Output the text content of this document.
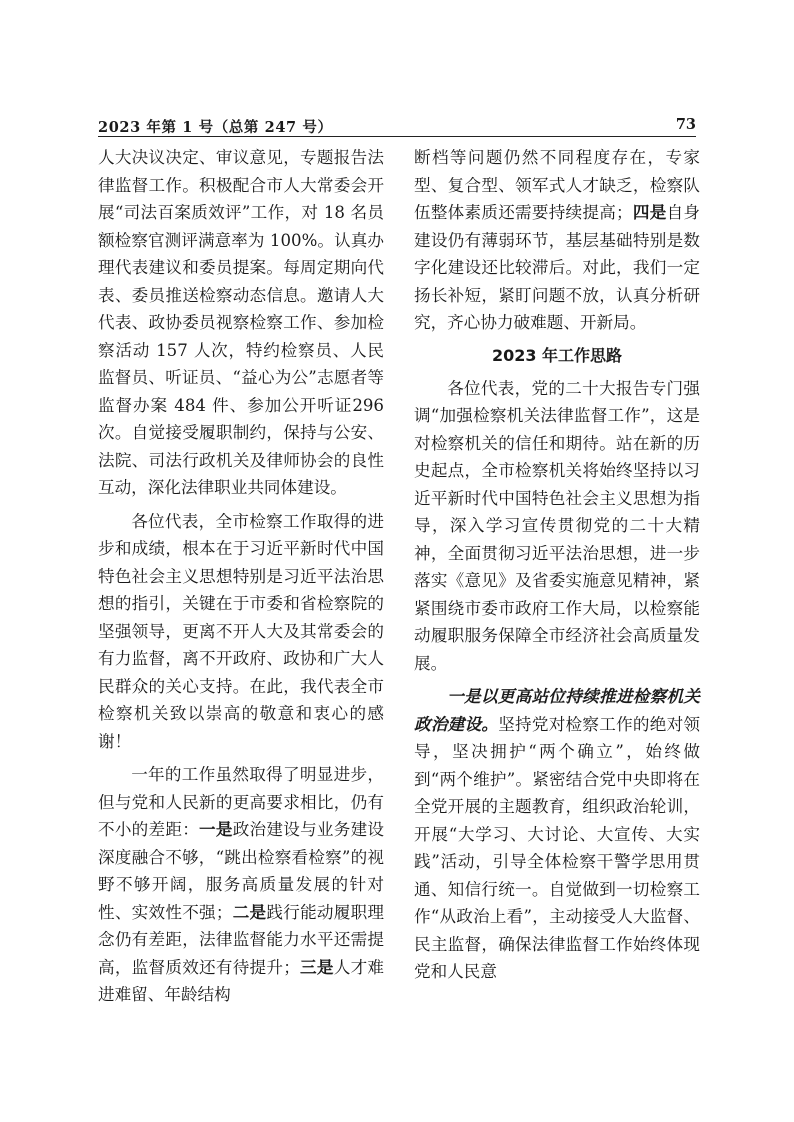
2023 年第 1 号（总第 247 号）	73

人大决议决定、审议意见，专题报告法律监督工作。积极配合市人大常委会开展“司法百案质效评”工作，对 18 名员额检察官测评满意率为 100%。认真办理代表建议和委员提案。每周定期向代表、委员推送检察动态信息。邀请人大代表、政协委员视察检察工作、参加检察活动 157 人次，特约检察员、人民监督员、听证员、“益心为公”志愿者等监督办案 484 件、参加公开听证296次。自觉接受履职制约，保持与公安、法院、司法行政机关及律师协会的良性互动，深化法律职业共同体建设。

各位代表，全市检察工作取得的进步和成绩，根本在于习近平新时代中国特色社会主义思想特别是习近平法治思想的指引，关键在于市委和省检察院的坚强领导，更离不开人大及其常委会的有力监督，离不开政府、政协和广大人民群众的关心支持。在此，我代表全市检察机关致以崇高的敬意和衷心的感谢！

一年的工作虽然取得了明显进步，但与党和人民新的更高要求相比，仍有不小的差距：一是政治建设与业务建设深度融合不够，“跳出检察看检察”的视野不够开阔，服务高质量发展的针对性、实效性不强；二是践行能动履职理念仍有差距，法律监督能力水平还需提高，监督质效还有待提升；三是人才难进难留、年龄结构

断档等问题仍然不同程度存在，专家型、复合型、领军式人才缺乏，检察队伍整体素质还需要持续提高；四是自身建设仍有薄弱环节，基层基础特别是数字化建设还比较滞后。对此，我们一定扬长补短，紧盯问题不放，认真分析研究，齐心协力破难题、开新局。

2023 年工作思路

各位代表，党的二十大报告专门强调“加强检察机关法律监督工作”，这是对检察机关的信任和期待。站在新的历史起点，全市检察机关将始终坚持以习近平新时代中国特色社会主义思想为指导，深入学习宣传贯彻党的二十大精神，全面贯彻习近平法治思想，进一步落实《意见》及省委实施意见精神，紧紧围绕市委市政府工作大局，以检察能动履职服务保障全市经济社会高质量发展。

一是以更高站位持续推进检察机关政治建设。坚持党对检察工作的绝对领导，坚决拥护“两个确立”，始终做到“两个维护”。紧密结合党中央即将在全党开展的主题教育，组织政治轮训，开展“大学习、大讨论、大宣传、大实践”活动，引导全体检察干警学思用贯通、知信行统一。自觉做到一切检察工作“从政治上看”，主动接受人大监督、民主监督，确保法律监督工作始终体现党和人民意
